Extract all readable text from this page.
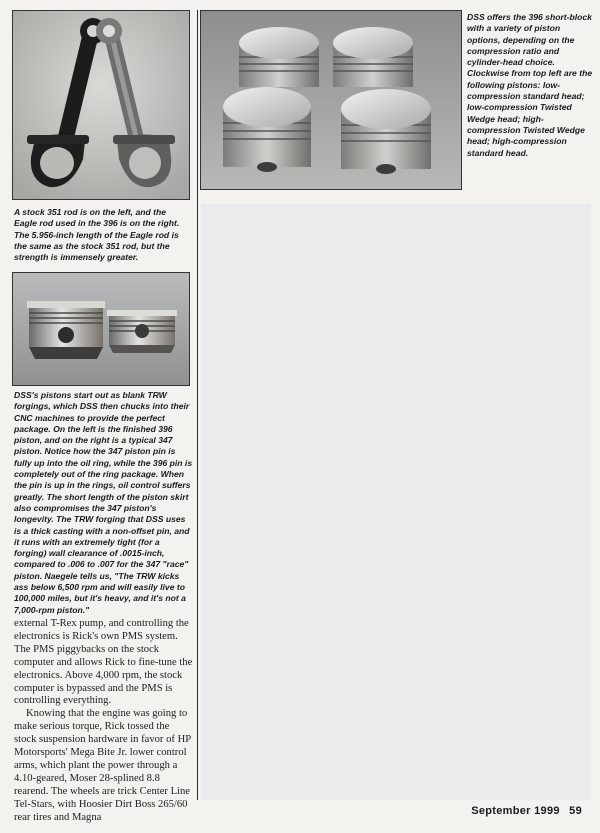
A stock 351 rod is on the left, and the Eagle rod used in the 396 is on the right. The 5.956-inch length of the Eagle rod is the same as the stock 351 rod, but the strength is immensely greater.
DSS offers the 396 short-block with a variety of piston options, depending on the compression ratio and cylinder-head choice. Clockwise from top left are the following pistons: low-compression standard head; low-compression Twisted Wedge head; high-compression Twisted Wedge head; high-compression standard head.
DSS's pistons start out as blank TRW forgings, which DSS then chucks into their CNC machines to provide the perfect package. On the left is the finished 396 piston, and on the right is a typical 347 piston. Notice how the 347 piston pin is fully up into the oil ring, while the 396 pin is completely out of the ring package. When the pin is up in the rings, oil control suffers greatly. The short length of the piston skirt also compromises the 347 piston's longevity. The TRW forging that DSS uses is a thick casting with a non-offset pin, and it runs with an extremely tight (for a forging) wall clearance of .0015-inch, compared to .006 to .007 for the 347 "race" piston. Naegele tells us, "The TRW kicks ass below 6,500 rpm and will easily live to 100,000 miles, but it's heavy, and it's not a 7,000-rpm piston."

external T-Rex pump, and controlling the electronics is Rick's own PMS system. The PMS piggybacks on the stock computer and allows Rick to fine-tune the electronics. Above 4,000 rpm, the stock computer is bypassed and the PMS is controlling everything.

Knowing that the engine was going to make serious torque, Rick tossed the stock suspension hardware in favor of HP Motorsports' Mega Bite Jr. lower control arms, which plant the power through a 4.10-geared, Moser 28-splined 8.8 rearend. The wheels are trick Center Line Tel-Stars, with Hoosier Dirt Boss 265/60 rear tires and Magna

September 1999 59
